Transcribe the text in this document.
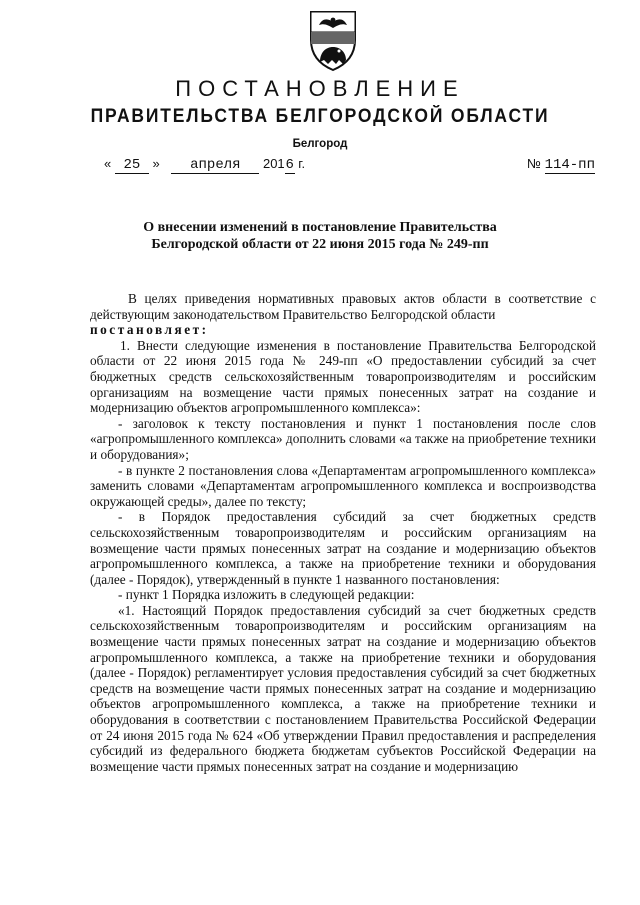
ПОСТАНОВЛЕНИЕ
ПРАВИТЕЛЬСТВА БЕЛГОРОДСКОЙ ОБЛАСТИ
Белгород
« 25 » апреля 2016 г.	№ 114-пп
О внесении изменений в постановление Правительства
Белгородской области от 22 июня 2015 года № 249-пп

В целях приведения нормативных правовых актов области в соответствие с действующим законодательством Правительство Белгородской области

постановляет:

1. Внести следующие изменения в постановление Правительства Белгородской области от 22 июня 2015 года № 249-пп «О предоставлении субсидий за счет бюджетных средств сельскохозяйственным товаропроизводителям и российским организациям на возмещение части прямых понесенных затрат на создание и модернизацию объектов агропромышленного комплекса»:

- заголовок к тексту постановления и пункт 1 постановления после слов «агропромышленного комплекса» дополнить словами «а также на приобретение техники и оборудования»;

- в пункте 2 постановления слова «Департаментам агропромышленного комплекса» заменить словами «Департаментам агропромышленного комплекса и воспроизводства окружающей среды», далее по тексту;

- в Порядок предоставления субсидий за счет бюджетных средств сельскохозяйственным товаропроизводителям и российским организациям на возмещение части прямых понесенных затрат на создание и модернизацию объектов агропромышленного комплекса, а также на приобретение техники и оборудования (далее - Порядок), утвержденный в пункте 1 названного постановления:

- пункт 1 Порядка изложить в следующей редакции:

«1. Настоящий Порядок предоставления субсидий за счет бюджетных средств сельскохозяйственным товаропроизводителям и российским организациям на возмещение части прямых понесенных затрат на создание и модернизацию объектов агропромышленного комплекса, а также на приобретение техники и оборудования (далее - Порядок) регламентирует условия предоставления субсидий за счет бюджетных средств на возмещение части прямых понесенных затрат на создание и модернизацию объектов агропромышленного комплекса, а также на приобретение техники и оборудования в соответствии с постановлением Правительства Российской Федерации от 24 июня 2015 года № 624 «Об утверждении Правил предоставления и распределения субсидий из федерального бюджета бюджетам субъектов Российской Федерации на возмещение части прямых понесенных затрат на создание и модернизацию
